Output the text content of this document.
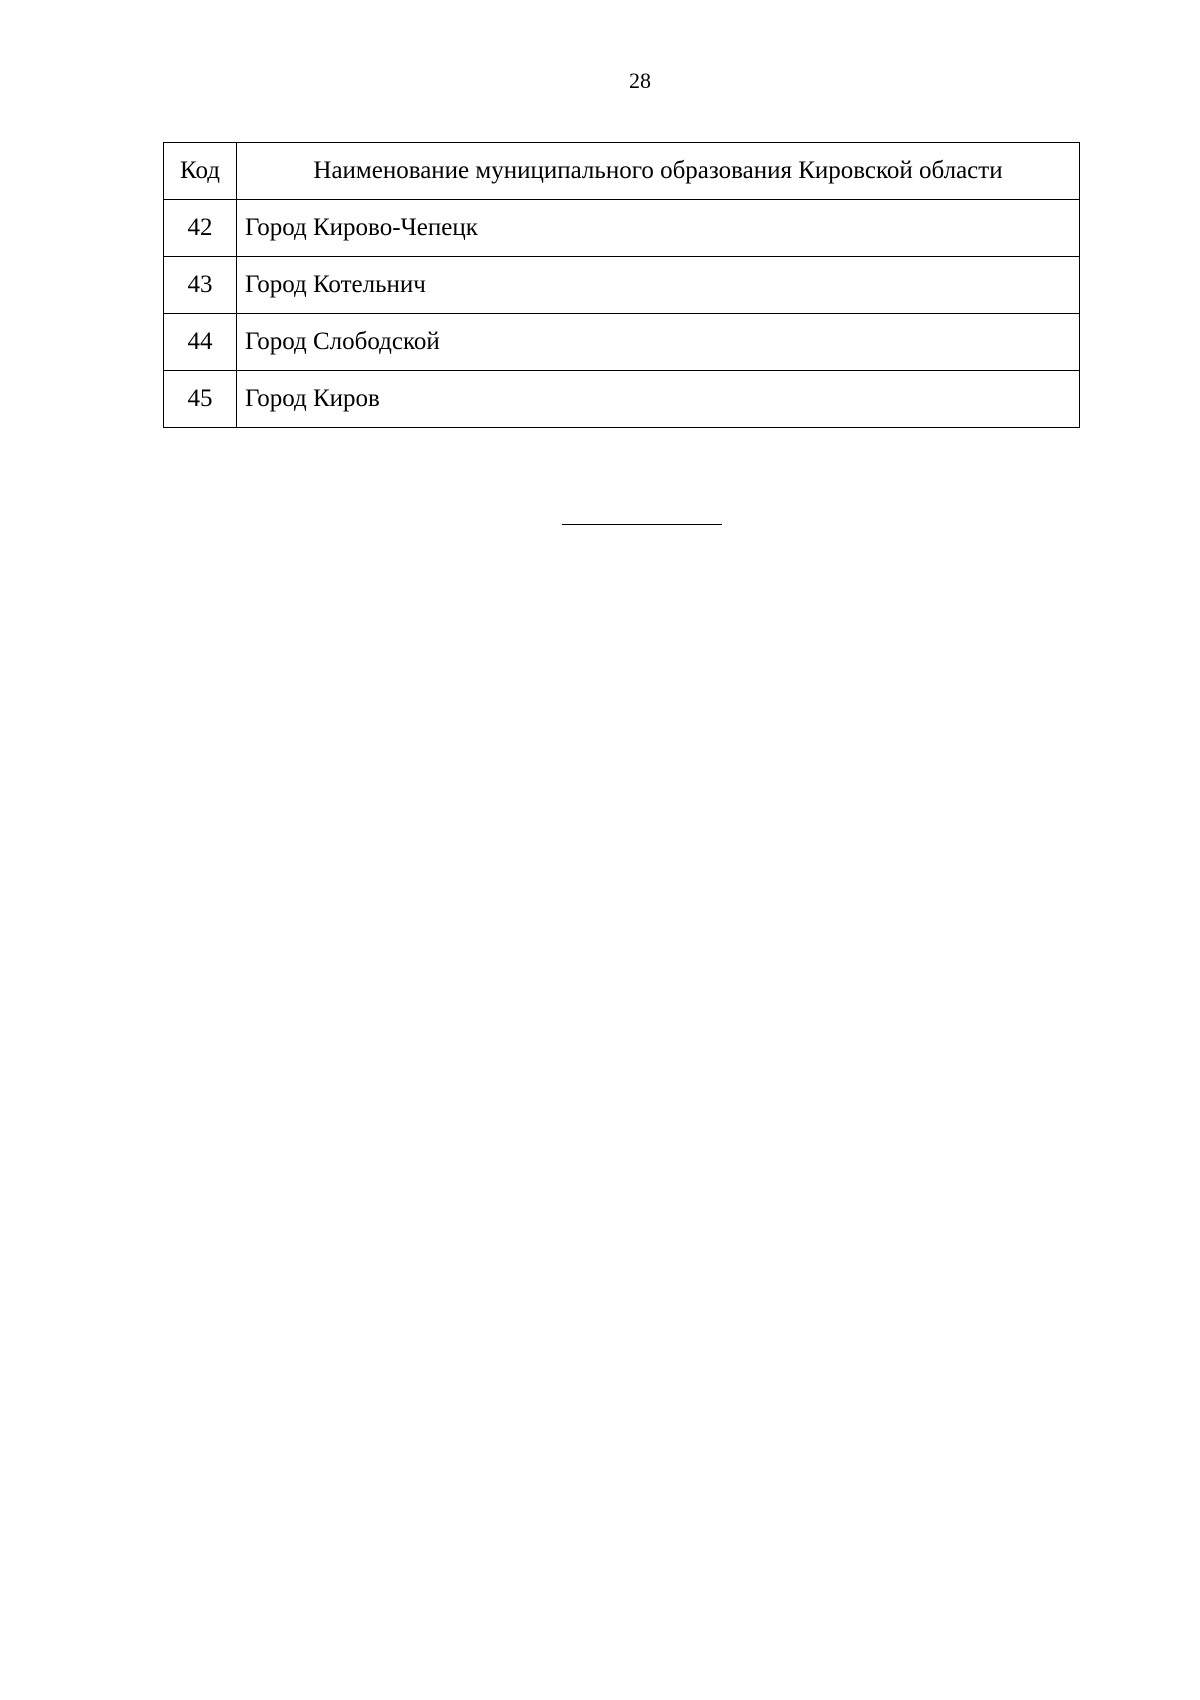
28
Код	Наименование муниципального образования Кировской области
42	Город Кирово-Чепецк
43	Город Котельнич
44	Город Слободской
45	Город Киров
